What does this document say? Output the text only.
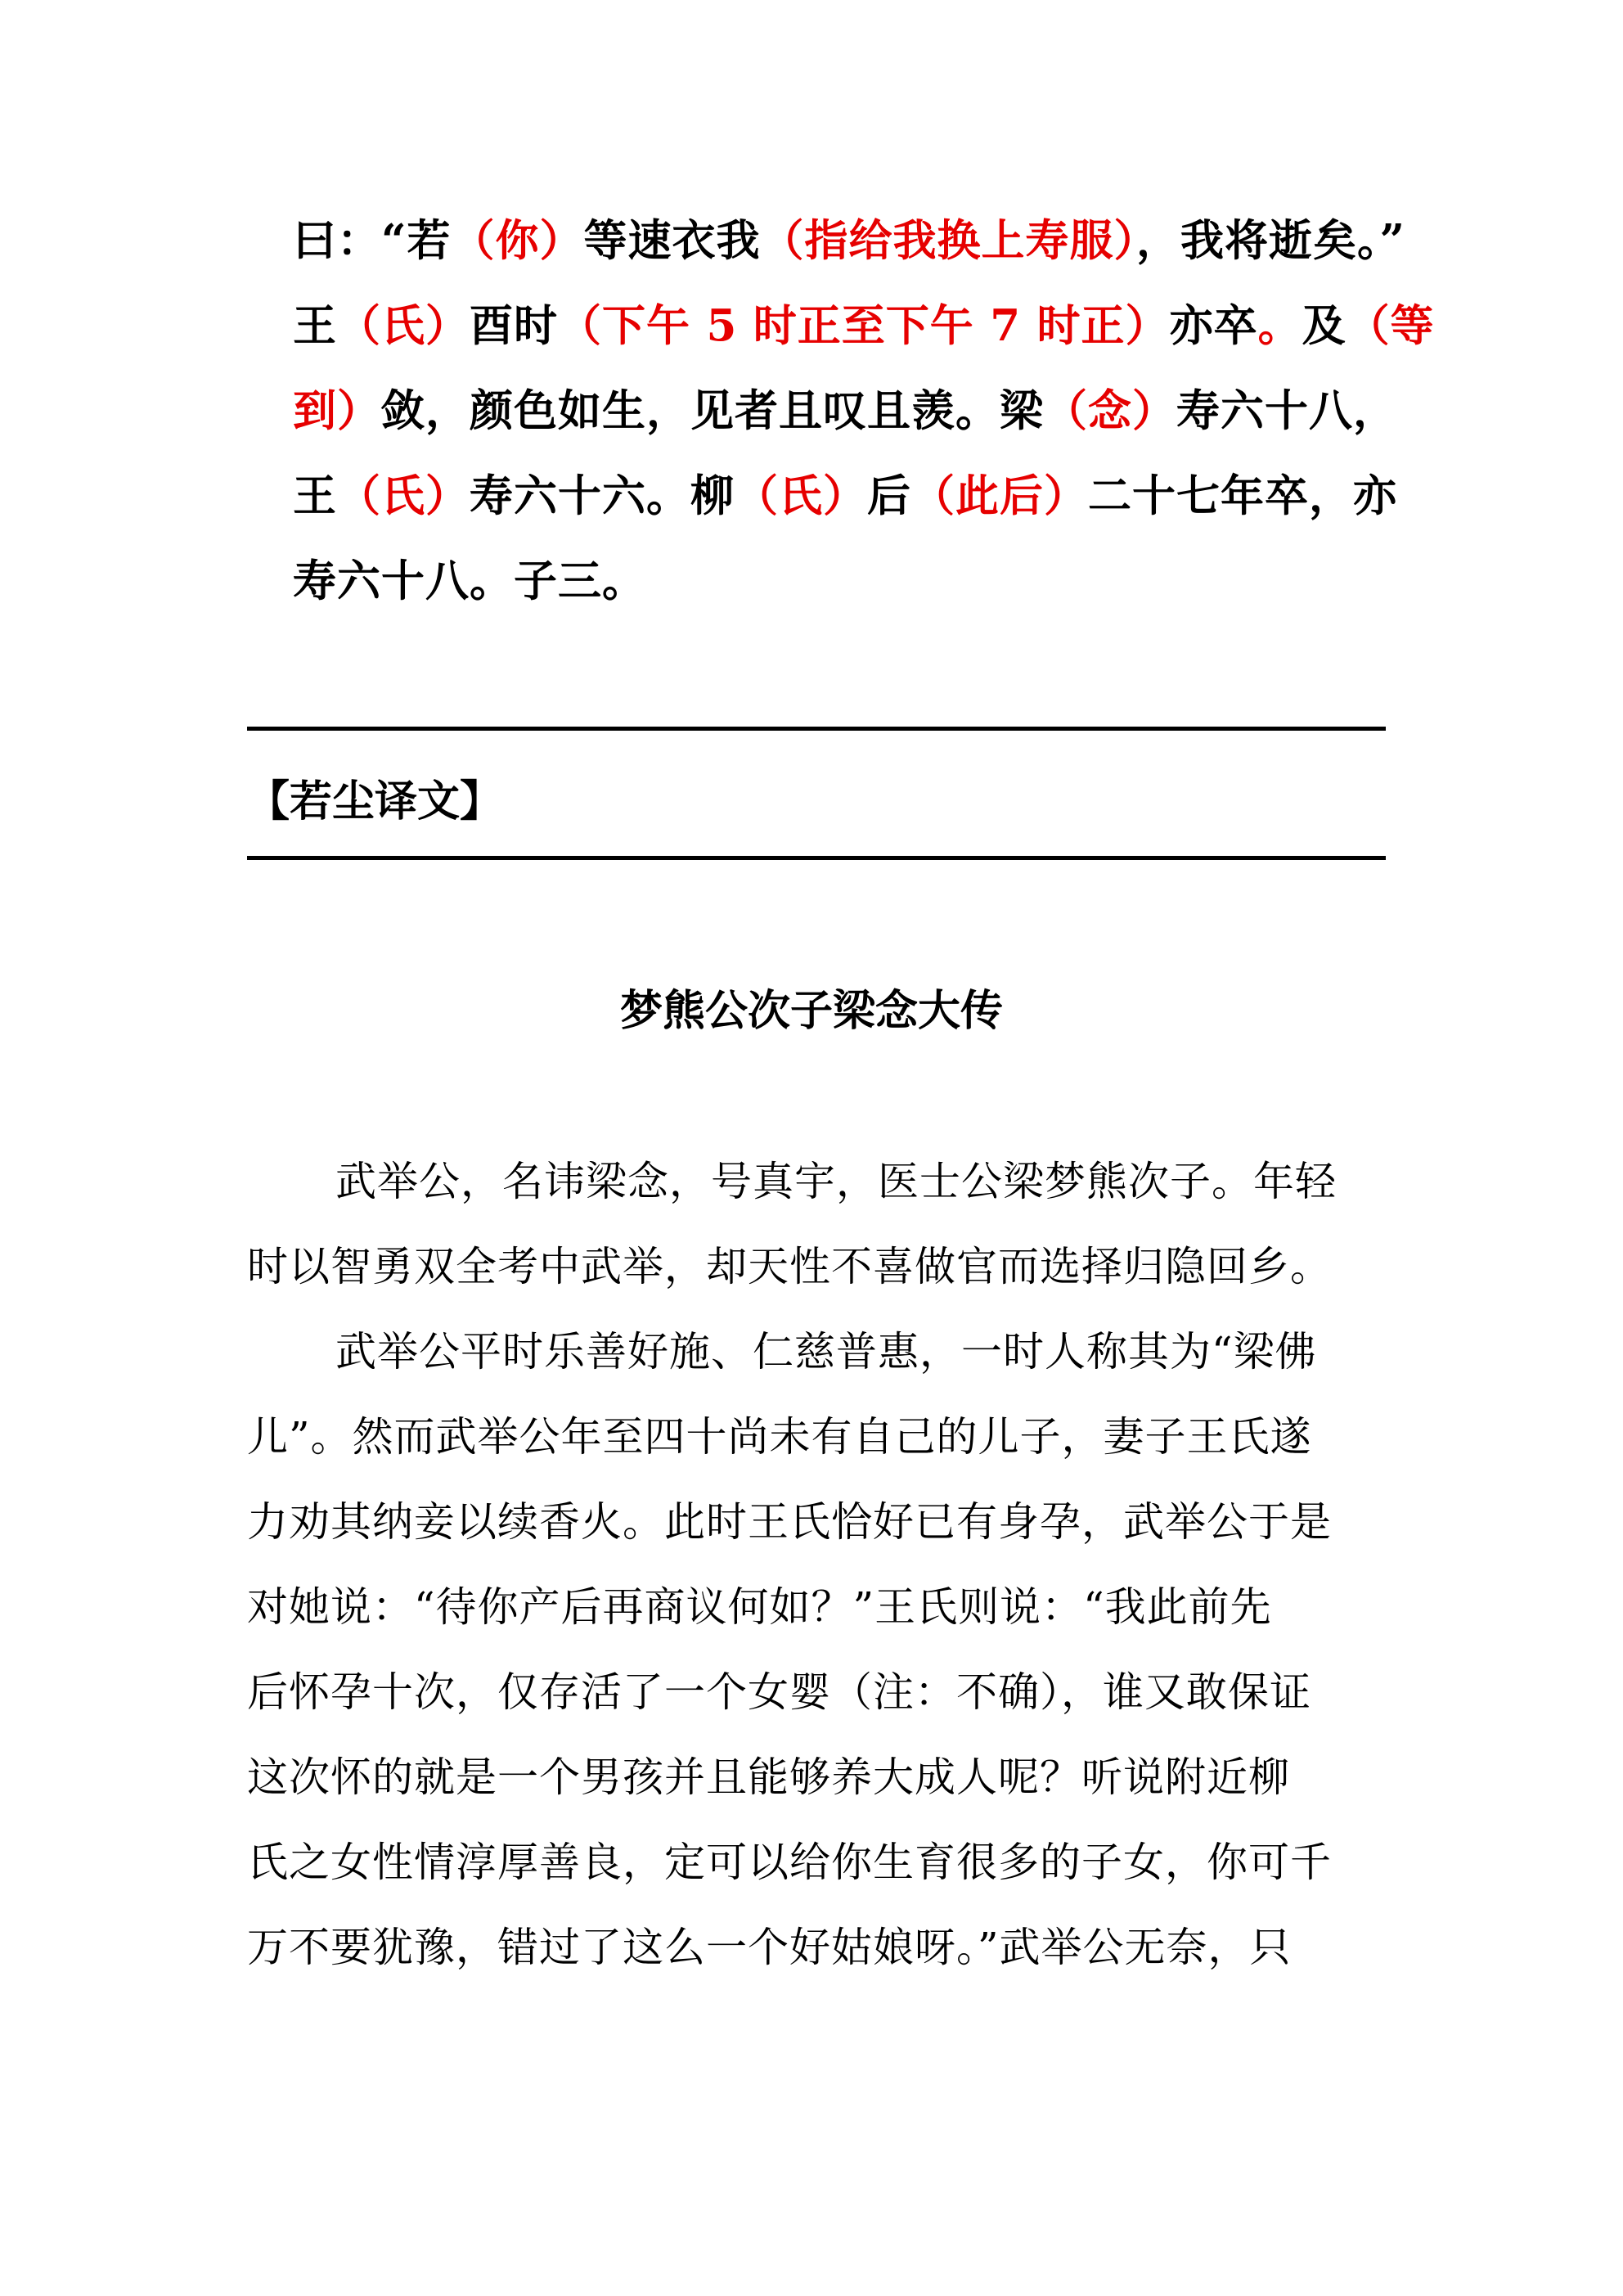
曰：“若（你）等速衣我（指给我换上寿服），我将逝矣。”
王（氏）酉时（下午 5 时正至下午 7 时正）亦卒。及（等
到）敛，颜色如生，见者且叹且羡。梁（念）寿六十八，
王（氏）寿六十六。柳（氏）后（此后）二十七年卒，亦
寿六十八。子三。
【若尘译文】
梦熊公次子梁念大传
武举公，名讳梁念，号真宇，医士公梁梦熊次子。年轻
时以智勇双全考中武举，却天性不喜做官而选择归隐回乡。
武举公平时乐善好施、仁慈普惠，一时人称其为“梁佛
儿”。然而武举公年至四十尚未有自己的儿子，妻子王氏遂
力劝其纳妾以续香火。此时王氏恰好已有身孕，武举公于是
对她说：“待你产后再商议何如？”王氏则说：“我此前先
后怀孕十次，仅存活了一个女婴（注：不确），谁又敢保证
这次怀的就是一个男孩并且能够养大成人呢？听说附近柳
氏之女性情淳厚善良，定可以给你生育很多的子女，你可千
万不要犹豫，错过了这么一个好姑娘呀。”武举公无奈，只
